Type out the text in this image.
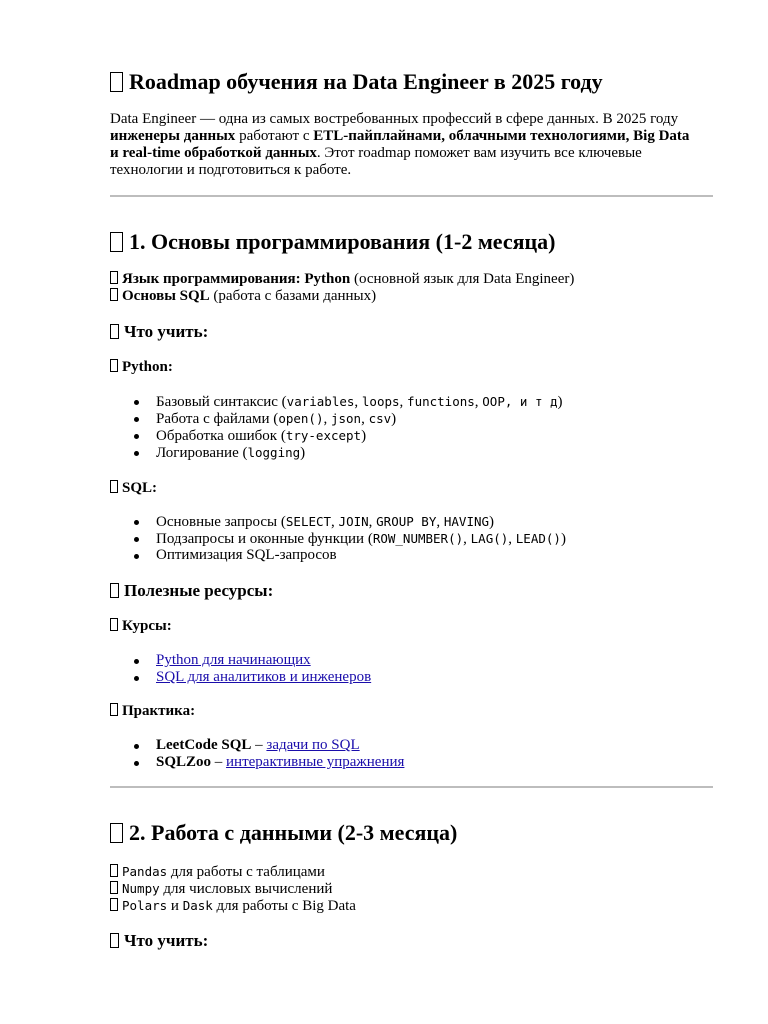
Roadmap обучения на Data Engineer в 2025 году
Data Engineer — одна из самых востребованных профессий в сфере данных. В 2025 году
инженеры данных работают с ETL-пайплайнами, облачными технологиями, Big Data
и real-time обработкой данных. Этот roadmap поможет вам изучить все ключевые
технологии и подготовиться к работе.
1. Основы программирования (1-2 месяца)
Язык программирования: Python (основной язык для Data Engineer)
Основы SQL (работа с базами данных)
Что учить:
Python:
Базовый синтаксис (variables, loops, functions, OOP, и т д)
Работа с файлами (open(), json, csv)
Обработка ошибок (try-except)
Логирование (logging)
SQL:
Основные запросы (SELECT, JOIN, GROUP BY, HAVING)
Подзапросы и оконные функции (ROW_NUMBER(), LAG(), LEAD())
Оптимизация SQL-запросов
Полезные ресурсы:
Курсы:
Python для начинающих
SQL для аналитиков и инженеров
Практика:
LeetCode SQL – задачи по SQL
SQLZoo – интерактивные упражнения
2. Работа с данными (2-3 месяца)
Pandas для работы с таблицами
Numpy для числовых вычислений
Polars и Dask для работы с Big Data
Что учить:
